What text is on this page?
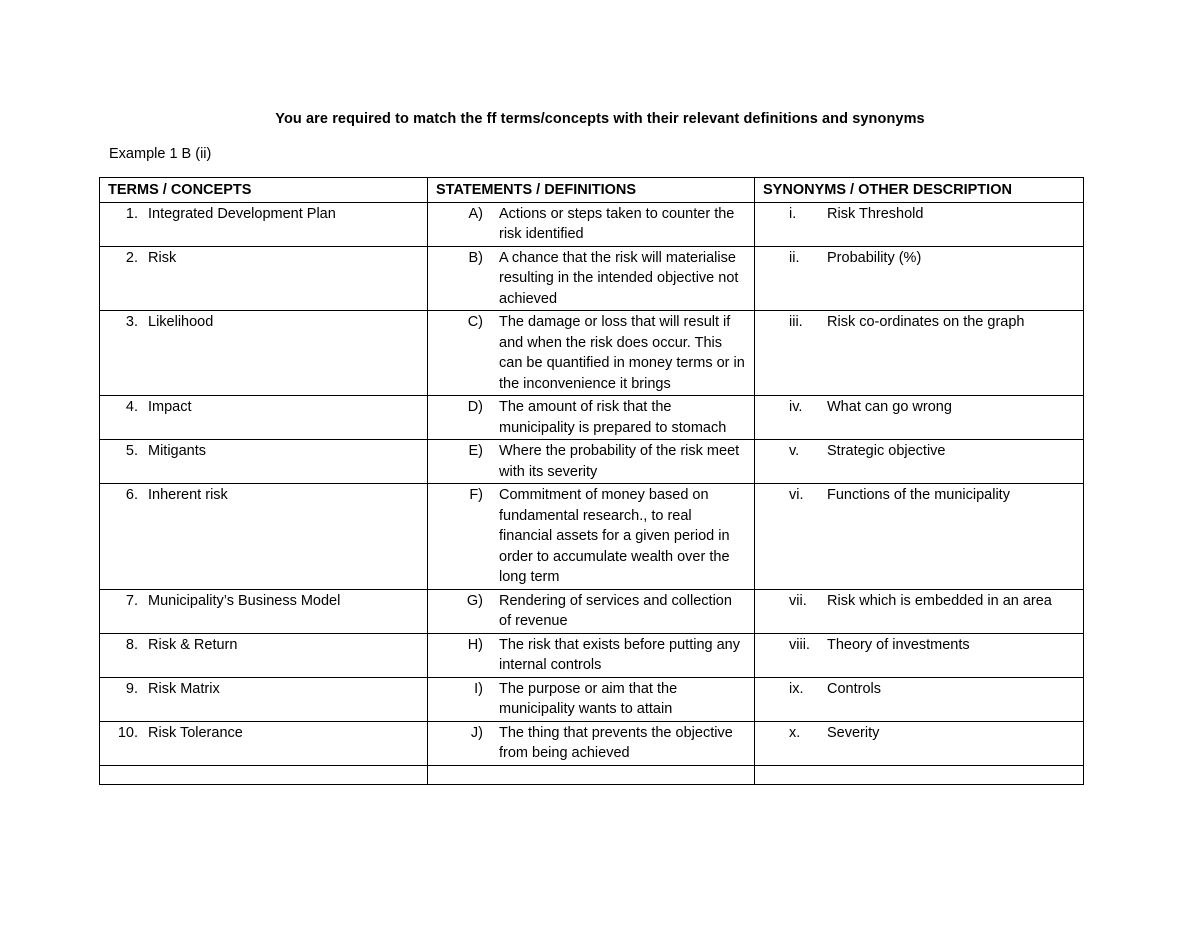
You are required to match the ff terms/concepts with their relevant definitions and synonyms
Example 1 B (ii)
TERMS / CONCEPTS	STATEMENTS / DEFINITIONS	SYNONYMS / OTHER DESCRIPTION

1. Integrated Development Plan	A) Actions or steps taken to counter the risk identified	i. Risk Threshold

2. Risk	B) A chance that the risk will materialise resulting in the intended objective not achieved	ii. Probability (%)

3. Likelihood	C) The damage or loss that will result if and when the risk does occur. This can be quantified in money terms or in the inconvenience it brings	iii. Risk co-ordinates on the graph

4. Impact	D) The amount of risk that the municipality is prepared to stomach	iv. What can go wrong

5. Mitigants	E) Where the probability of the risk meet with its severity	v. Strategic objective

6. Inherent risk	F) Commitment of money based on fundamental research., to real financial assets for a given period in order to accumulate wealth over the long term	vi. Functions of the municipality

7. Municipality’s Business Model	G) Rendering of services and collection of revenue	vii. Risk which is embedded in an area

8. Risk & Return	H) The risk that exists before putting any internal controls	viii. Theory of investments

9. Risk Matrix	I) The purpose or aim that the municipality wants to attain	ix. Controls

10. Risk Tolerance	J) The thing that prevents the objective from being achieved	x. Severity
